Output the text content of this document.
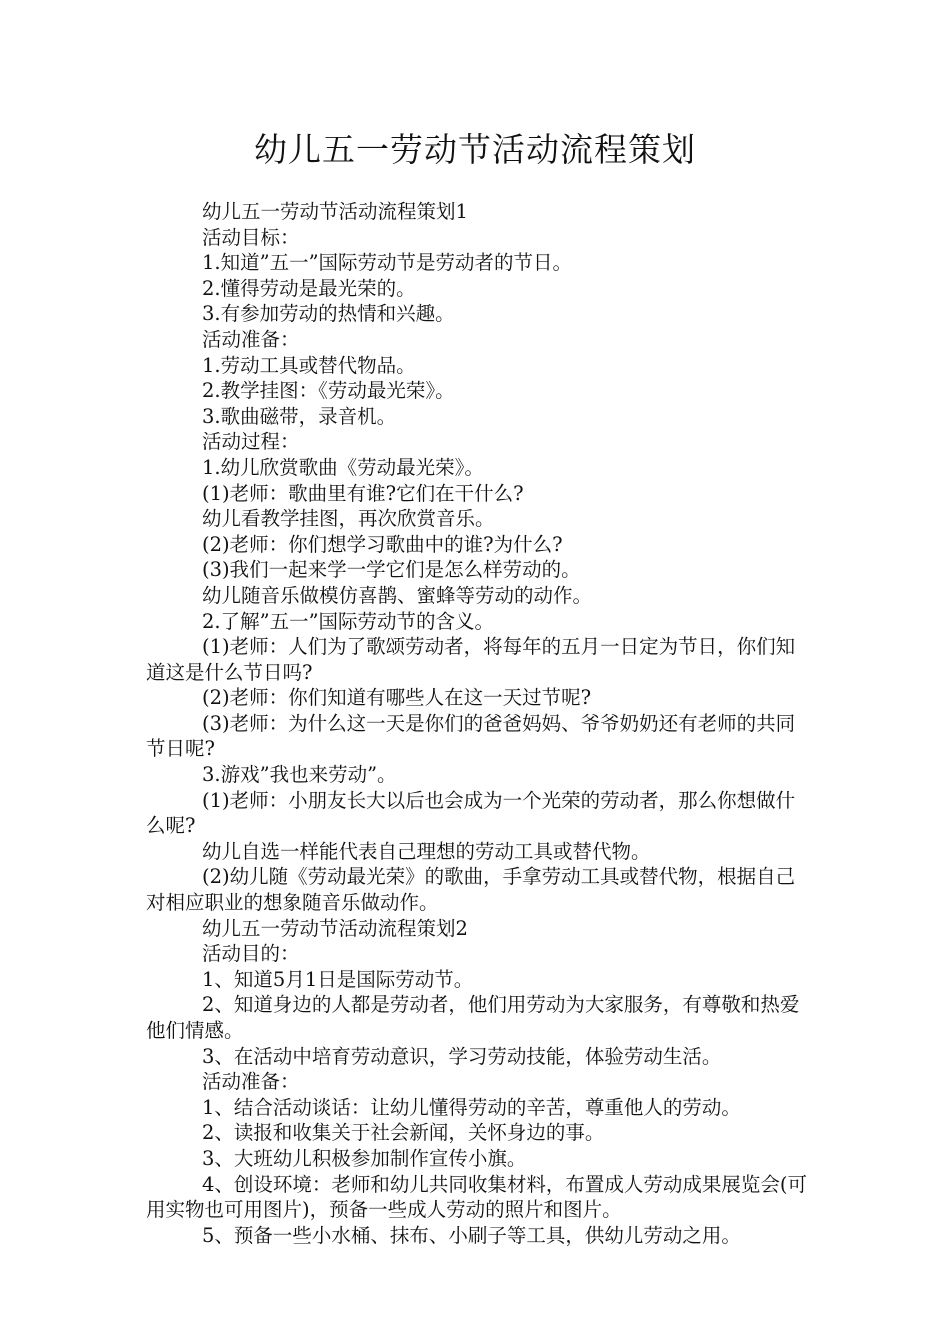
幼儿五一劳动节活动流程策划

幼儿五一劳动节活动流程策划1

活动目标：

1.知道”五一”国际劳动节是劳动者的节日。

2.懂得劳动是最光荣的。

3.有参加劳动的热情和兴趣。

活动准备：

1.劳动工具或替代物品。

2.教学挂图：《劳动最光荣》。

3.歌曲磁带，录音机。

活动过程：

1.幼儿欣赏歌曲《劳动最光荣》。

(1)老师：歌曲里有谁?它们在干什么?

幼儿看教学挂图，再次欣赏音乐。

(2)老师：你们想学习歌曲中的谁?为什么?

(3)我们一起来学一学它们是怎么样劳动的。

幼儿随音乐做模仿喜鹊、蜜蜂等劳动的动作。

2.了解”五一”国际劳动节的含义。

(1)老师：人们为了歌颂劳动者，将每年的五月一日定为节日，你们知道这是什么节日吗?

(2)老师：你们知道有哪些人在这一天过节呢?

(3)老师：为什么这一天是你们的爸爸妈妈、爷爷奶奶还有老师的共同节日呢?

3.游戏”我也来劳动”。

(1)老师：小朋友长大以后也会成为一个光荣的劳动者，那么你想做什么呢?

幼儿自选一样能代表自己理想的劳动工具或替代物。

(2)幼儿随《劳动最光荣》的歌曲，手拿劳动工具或替代物，根据自己对相应职业的想象随音乐做动作。

幼儿五一劳动节活动流程策划2

活动目的：

1、知道5月1日是国际劳动节。

2、知道身边的人都是劳动者，他们用劳动为大家服务，有尊敬和热爱他们情感。

3、在活动中培育劳动意识，学习劳动技能，体验劳动生活。

活动准备：

1、结合活动谈话：让幼儿懂得劳动的辛苦，尊重他人的劳动。

2、读报和收集关于社会新闻，关怀身边的事。

3、大班幼儿积极参加制作宣传小旗。

4、创设环境：老师和幼儿共同收集材料，布置成人劳动成果展览会(可用实物也可用图片)，预备一些成人劳动的照片和图片。

5、预备一些小水桶、抹布、小刷子等工具，供幼儿劳动之用。
